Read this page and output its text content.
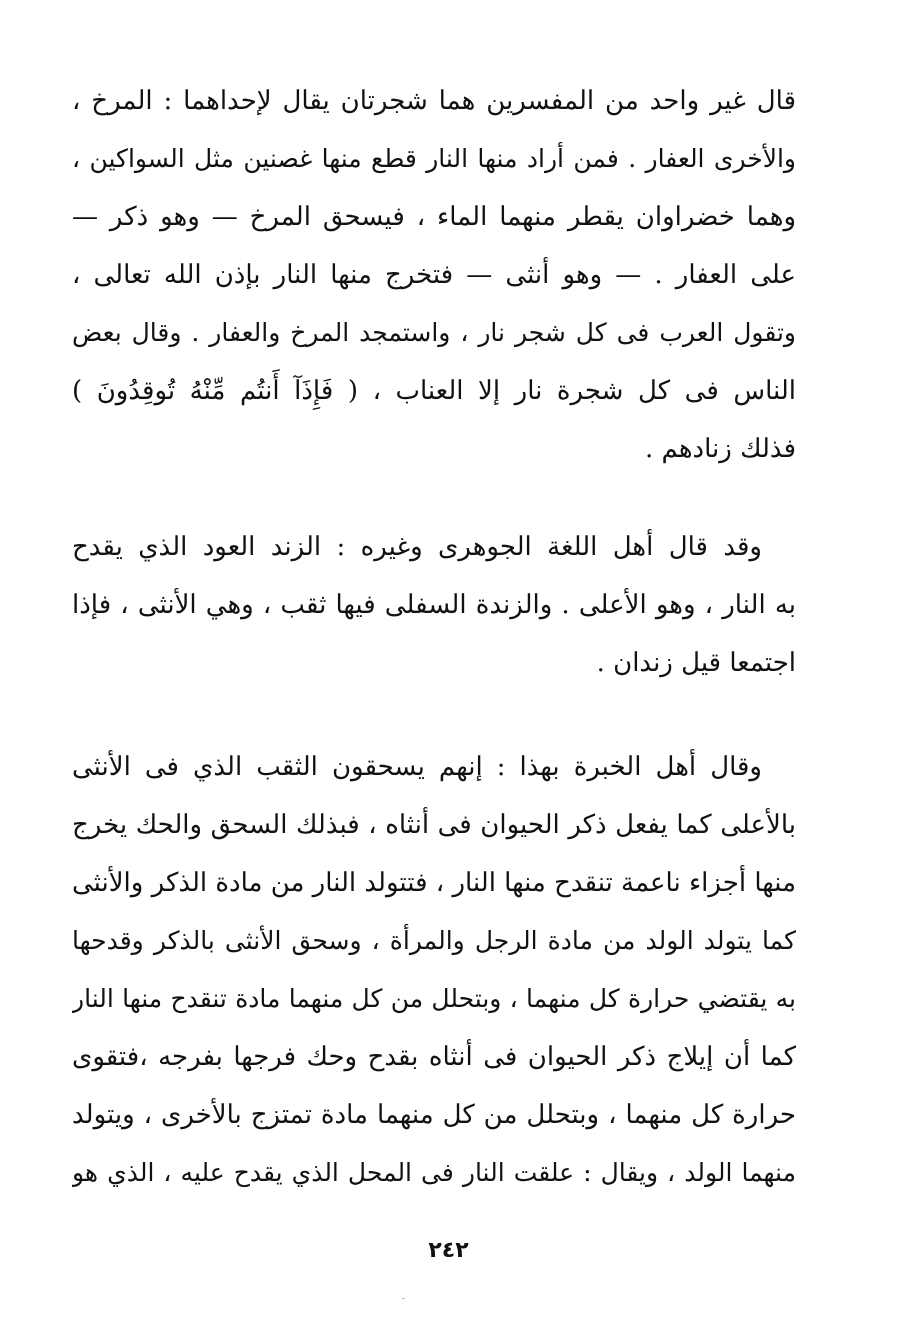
قال غير واحد من المفسرين هما شجرتان يقال لإحداهما : المرخ ،
والأخرى العفار . فمن أراد منها النار قطع منها غصنين مثل السواكين ،
وهما خضراوان يقطر منهما الماء ، فيسحق المرخ — وهو ذكر —
على العفار . — وهو أنثى — فتخرج منها النار بإذن الله تعالى ،
وتقول العرب فى كل شجر نار ، واستمجد المرخ والعفار . وقال بعض
الناس فى كل شجرة نار إلا العناب ، ( فَإِذَآ أَنتُم مِّنْهُ تُوقِدُونَ )
فذلك زنادهم .
وقد قال أهل اللغة الجوهرى وغيره : الزند العود الذي يقدح
به النار ، وهو الأعلى . والزندة السفلى فيها ثقب ، وهي الأنثى ، فإذا
اجتمعا قيل زندان .
وقال أهل الخبرة بهذا : إنهم يسحقون الثقب الذي فى الأنثى
بالأعلى كما يفعل ذكر الحيوان فى أنثاه ، فبذلك السحق والحك يخرج
منها أجزاء ناعمة تنقدح منها النار ، فتتولد النار من مادة الذكر والأنثى
كما يتولد الولد من مادة الرجل والمرأة ، وسحق الأنثى بالذكر وقدحها
به يقتضي حرارة كل منهما ، وبتحلل من كل منهما مادة تنقدح منها النار
كما أن إيلاج ذكر الحيوان فى أنثاه بقدح وحك فرجها بفرجه ،فتقوى
حرارة كل منهما ، وبتحلل من كل منهما مادة تمتزج بالأخرى ، ويتولد
منهما الولد ، ويقال : علقت النار فى المحل الذي يقدح عليه ، الذي هو
٢٤٢
